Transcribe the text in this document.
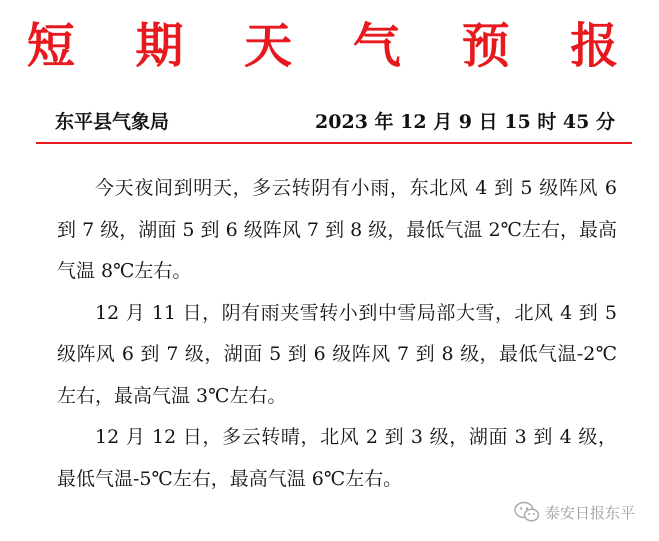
短 期 天 气 预 报
东平县气象局	2023 年 12 月 9 日 15 时 45 分

今天夜间到明天，多云转阴有小雨，东北风 4 到 5 级阵风 6 到 7 级，湖面 5 到 6 级阵风 7 到 8 级，最低气温 2℃左右，最高气温 8℃左右。

12 月 11 日，阴有雨夹雪转小到中雪局部大雪，北风 4 到 5 级阵风 6 到 7 级，湖面 5 到 6 级阵风 7 到 8 级，最低气温-2℃左右，最高气温 3℃左右。

12 月 12 日，多云转晴，北风 2 到 3 级，湖面 3 到 4 级，最低气温-5℃左右，最高气温 6℃左右。

泰安日报东平
